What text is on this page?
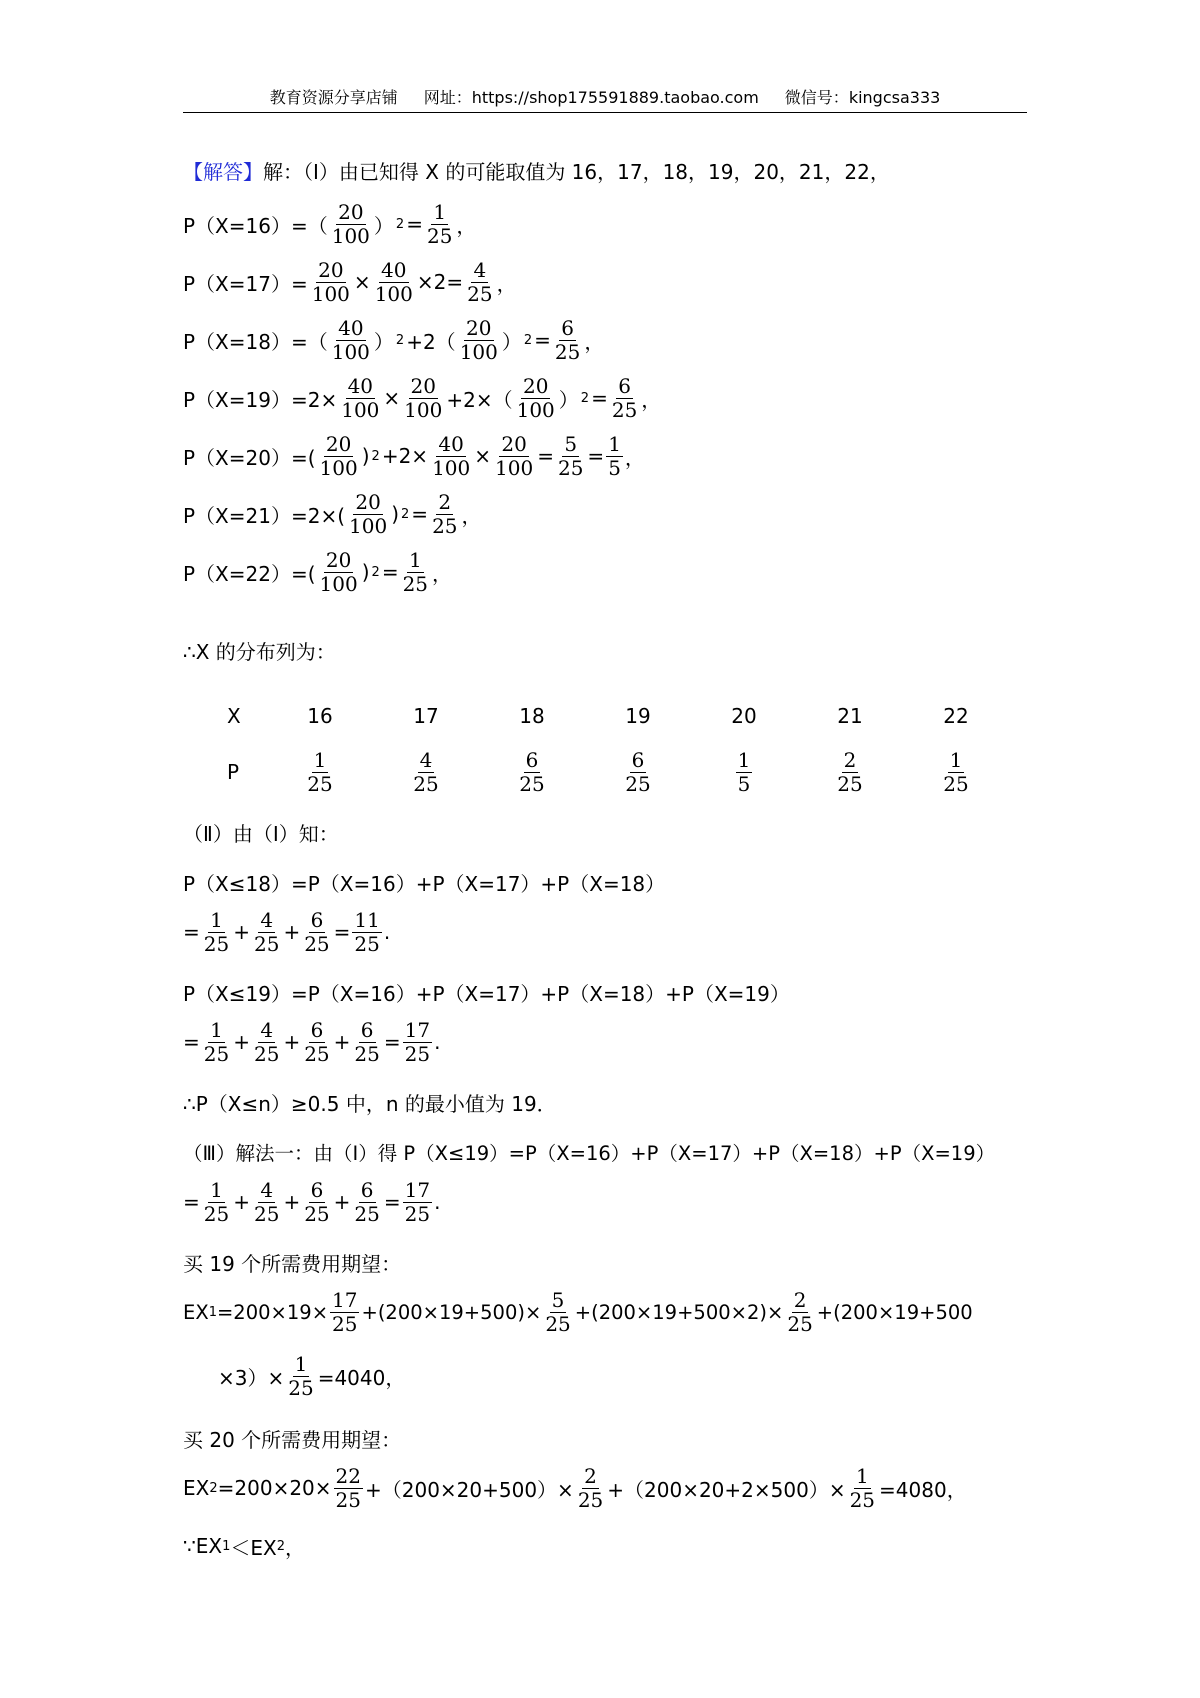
教育资源分享店铺 网址：https://shop175591889.taobao.com 微信号：kingcsa333
【解答】 解：（Ⅰ）由已知得 X 的可能取值为 16，17，18，19，20，21，22，
$P(X=16)=( \frac{20}{100}$ ） $2 = \frac{1}{25}$ ，
$P(X=17)= \frac{20}{100} \times \frac{40}{100} \times 2= \frac{4}{25}$ ，
$P(X=18)=( \frac{40}{100}$ ） $2 +2( \frac{20}{100}$ ） $2 = \frac{6}{25}$ ，
$P(X=19)=2\times \frac{40}{100} \times \frac{20}{100} +2\times( \frac{20}{100}$ ） $2 = \frac{6}{25}$ ，
$P(X=20)=( \frac{20}{100}$ ) $2 +2\times \frac{40}{100} \times \frac{20}{100} = \frac{5}{25} = \frac{1}{5}$ ，
$P(X=21)=2\times( \frac{20}{100}$ ) $2 = \frac{2}{25}$ ，
$P(X=22)=( \frac{20}{100}$ ) $2 = \frac{1}{25}$ ，
∴X 的分布列为：
X	16	17	18	19	20	21	22
P	$\frac{1}{25}$	$\frac{4}{25}$	$\frac{6}{25}$	$\frac{6}{25}$	$\frac{1}{5}$	$\frac{2}{25}$	$\frac{1}{25}$
（Ⅱ）由（Ⅰ）知：
P（X≤18）=P（X=16）+P（X=17）+P（X=18）
= $\frac{1}{25} + \frac{4}{25} + \frac{6}{25} = \frac{11}{25}$ .
P（X≤19）=P（X=16）+P（X=17）+P（X=18）+P（X=19）
= $\frac{1}{25} + \frac{4}{25} + \frac{6}{25} + \frac{6}{25} = \frac{17}{25}$ .
∴P（X≤n）≥0.5 中，n 的最小值为 19．
（Ⅲ）解法一：由（Ⅰ）得 P（X≤19）=P（X=16）+P（X=17）+P（X=18）+P（X=19）
= $\frac{1}{25} + \frac{4}{25} + \frac{6}{25} + \frac{6}{25} = \frac{17}{25}$ .
买 19 个所需费用期望：
EX $1 =200\times 19\times \frac{17}{25} +(200\times 19+500)\times \frac{5}{25} +(200\times 19+500\times 2)\times \frac{2}{25} +(200\times 19+500$
$\times 3)\times \frac{1}{25} =4040$，
买 20 个所需费用期望：
EX $2 = 200\times 20\times \frac{22}{25} +(200\times 20+500)\times \frac{2}{25} +(200\times 20+2\times 500)\times \frac{1}{25} =4080$，
∵EX 1 ＜EX 2 ，
